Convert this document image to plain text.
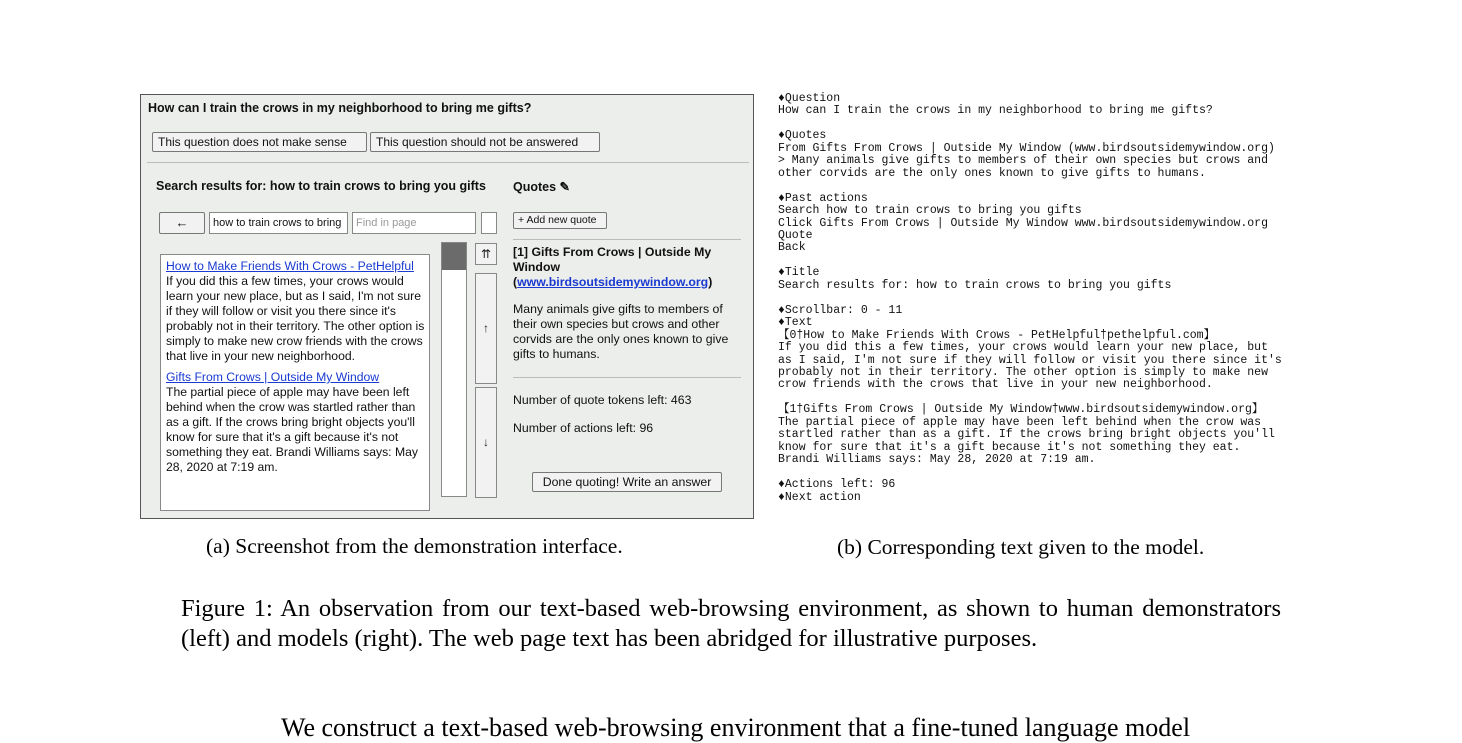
How can I train the crows in my neighborhood to bring me gifts?
This question does not make sense	This question should not be answered
Search results for: how to train crows to bring you gifts Quotes ✎
←	how to train crows to bring	Find in page	+ Add new quote
How to Make Friends With Crows - PetHelpful
If you did this a few times, your crows would learn your new place, but as I said, I'm not sure if they will follow or visit you there since it's probably not in their territory. The other option is simply to make new crow friends with the crows that live in your new neighborhood.
Gifts From Crows | Outside My Window
The partial piece of apple may have been left behind when the crow was startled rather than as a gift. If the crows bring bright objects you'll know for sure that it's a gift because it's not something they eat. Brandi Williams says: May 28, 2020 at 7:19 am.
⇈
↑
↓
[1] Gifts From Crows | Outside My Window (www.birdsoutsidemywindow.org)
Many animals give gifts to members of their own species but crows and other corvids are the only ones known to give gifts to humans.
Number of quote tokens left: 463
Number of actions left: 96
Done quoting! Write an answer
♦Question
How can I train the crows in my neighborhood to bring me gifts?

♦Quotes
From Gifts From Crows | Outside My Window (www.birdsoutsidemywindow.org)
> Many animals give gifts to members of their own species but crows and
other corvids are the only ones known to give gifts to humans.

♦Past actions
Search how to train crows to bring you gifts
Click Gifts From Crows | Outside My Window www.birdsoutsidemywindow.org
Quote
Back

♦Title
Search results for: how to train crows to bring you gifts

♦Scrollbar: 0 - 11
♦Text
【0†How to Make Friends With Crows - PetHelpful†pethelpful.com】
If you did this a few times, your crows would learn your new place, but
as I said, I'm not sure if they will follow or visit you there since it's
probably not in their territory. The other option is simply to make new
crow friends with the crows that live in your new neighborhood.

【1†Gifts From Crows | Outside My Window†www.birdsoutsidemywindow.org】
The partial piece of apple may have been left behind when the crow was
startled rather than as a gift. If the crows bring bright objects you'll
know for sure that it's a gift because it's not something they eat.
Brandi Williams says: May 28, 2020 at 7:19 am.

♦Actions left: 96
♦Next action
(a) Screenshot from the demonstration interface.	(b) Corresponding text given to the model.
Figure 1: An observation from our text-based web-browsing environment, as shown to human demonstrators (left) and models (right). The web page text has been abridged for illustrative purposes.
We construct a text-based web-browsing environment that a fine-tuned language model
